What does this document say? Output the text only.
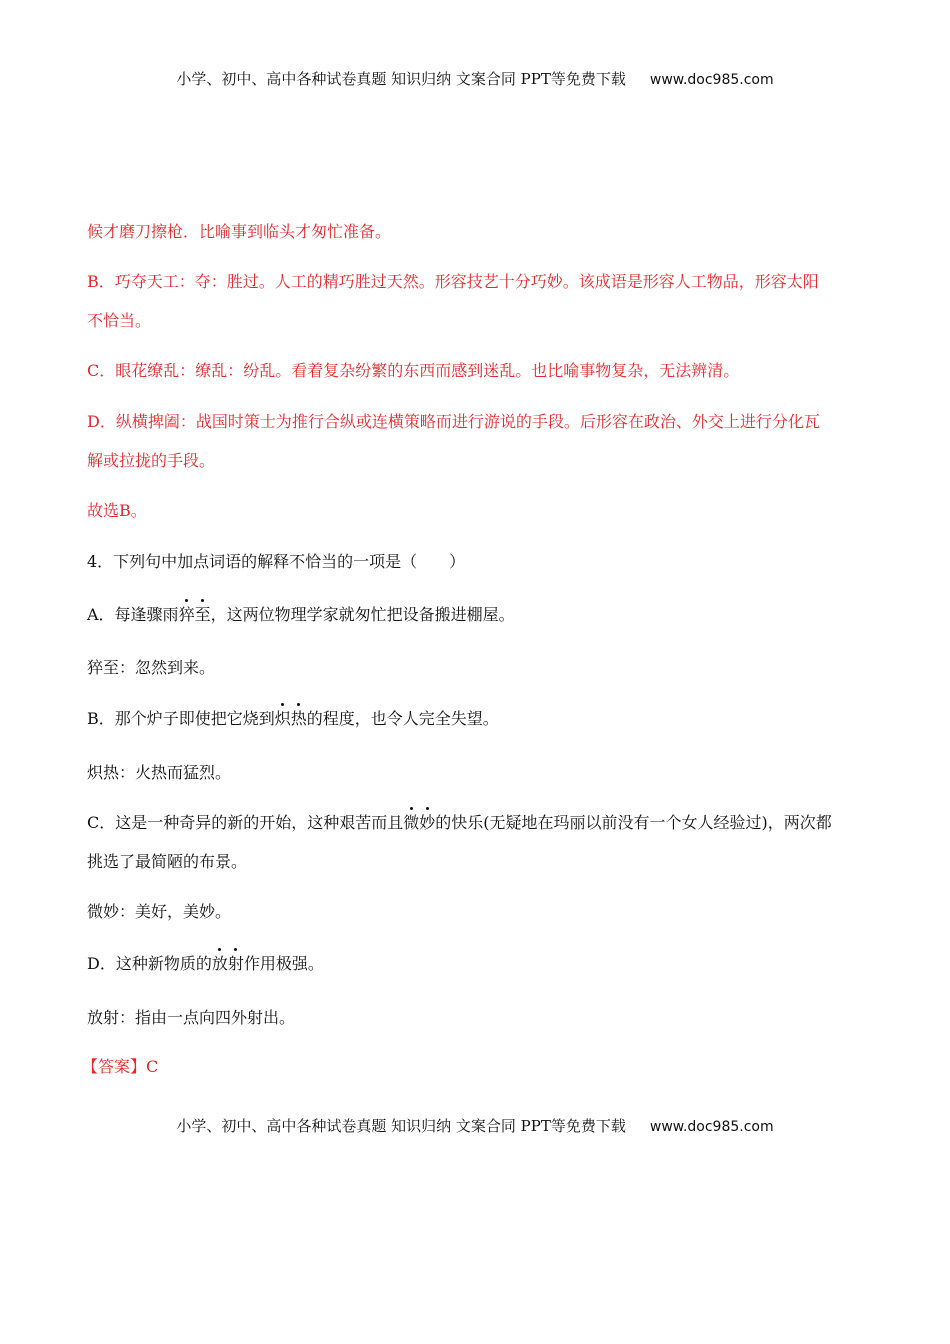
小学、初中、高中各种试卷真题 知识归纳 文案合同 PPT等免费下载 www.doc985.com
候才磨刀擦枪．比喻事到临头才匆忙准备。
B．巧夺天工：夺：胜过。人工的精巧胜过天然。形容技艺十分巧妙。该成语是形容人工物品，形容太阳
不恰当。
C．眼花缭乱：缭乱：纷乱。看着复杂纷繁的东西而感到迷乱。也比喻事物复杂，无法辨清。
D．纵横捭阖：战国时策士为推行合纵或连横策略而进行游说的手段。后形容在政治、外交上进行分化瓦
解或拉拢的手段。
故选B。
4．下列句中加点词语的解释不恰当的一项是（　　）
A．每逢骤雨猝至，这两位物理学家就匆忙把设备搬进棚屋。
猝至：忽然到来。
B．那个炉子即使把它烧到炽热的程度，也令人完全失望。
炽热：火热而猛烈。
C．这是一种奇异的新的开始，这种艰苦而且微妙的快乐(无疑地在玛丽以前没有一个女人经验过)，两次都
挑选了最简陋的布景。
微妙：美好，美妙。
D．这种新物质的放射作用极强。
放射：指由一点向四外射出。
【答案】C
小学、初中、高中各种试卷真题 知识归纳 文案合同 PPT等免费下载 www.doc985.com
